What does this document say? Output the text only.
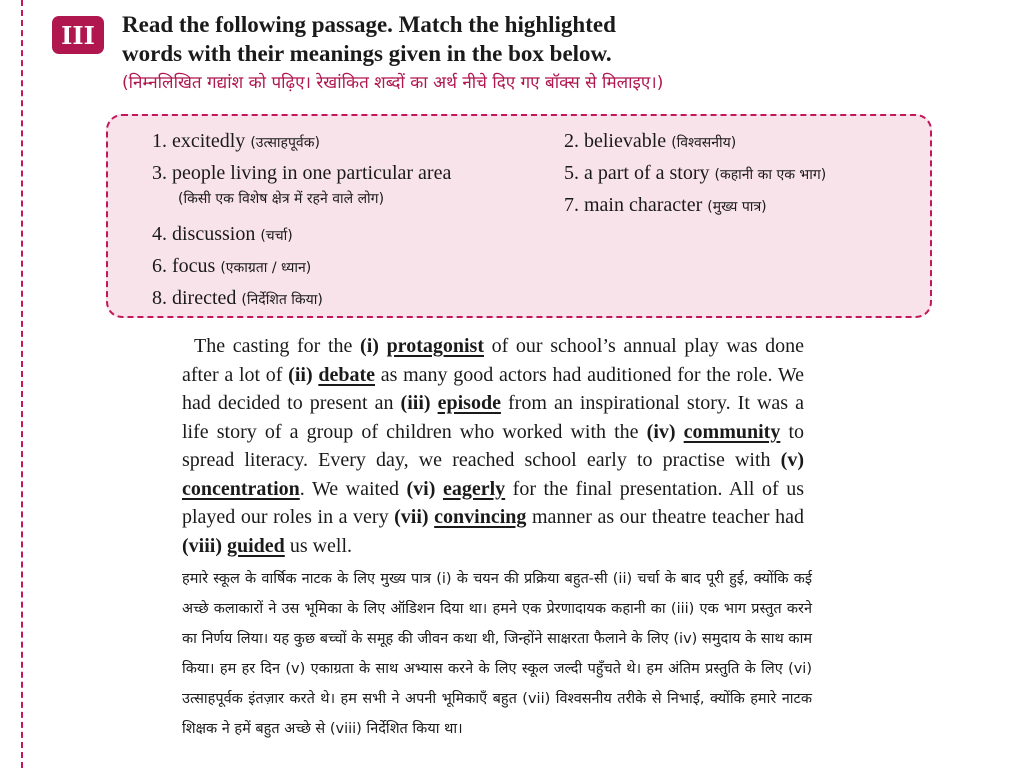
III	Read the following passage. Match the highlighted
words with their meanings given in the box below.
(निम्नलिखित गद्यांश को पढ़िए। रेखांकित शब्दों का अर्थ नीचे दिए गए बॉक्स से मिलाइए।)
1. excitedly (उत्साहपूर्वक)
3. people living in one particular area
(किसी एक विशेष क्षेत्र में रहने वाले लोग)
4. discussion (चर्चा)
6. focus (एकाग्रता / ध्यान)
8. directed (निर्देशित किया)
2. believable (विश्वसनीय)
5. a part of a story (कहानी का एक भाग)
7. main character (मुख्य पात्र)

The casting for the (i) protagonist of our school’s annual play was done after a lot of (ii) debate as many good actors had auditioned for the role. We had decided to present an (iii) episode from an inspirational story. It was a life story of a group of children who worked with the (iv) community to spread literacy. Every day, we reached school early to practise with (v) concentration. We waited (vi) eagerly for the final presentation. All of us played our roles in a very (vii) convincing manner as our theatre teacher had (viii) guided us well.

हमारे स्कूल के वार्षिक नाटक के लिए मुख्य पात्र (i) के चयन की प्रक्रिया बहुत-सी (ii) चर्चा के बाद पूरी हुई, क्योंकि कई अच्छे कलाकारों ने उस भूमिका के लिए ऑडिशन दिया था। हमने एक प्रेरणादायक कहानी का (iii) एक भाग प्रस्तुत करने का निर्णय लिया। यह कुछ बच्चों के समूह की जीवन कथा थी, जिन्होंने साक्षरता फैलाने के लिए (iv) समुदाय के साथ काम किया। हम हर दिन (v) एकाग्रता के साथ अभ्यास करने के लिए स्कूल जल्दी पहुँचते थे। हम अंतिम प्रस्तुति के लिए (vi) उत्साहपूर्वक इंतज़ार करते थे। हम सभी ने अपनी भूमिकाएँ बहुत (vii) विश्वसनीय तरीके से निभाई, क्योंकि हमारे नाटक शिक्षक ने हमें बहुत अच्छे से (viii) निर्देशित किया था।
